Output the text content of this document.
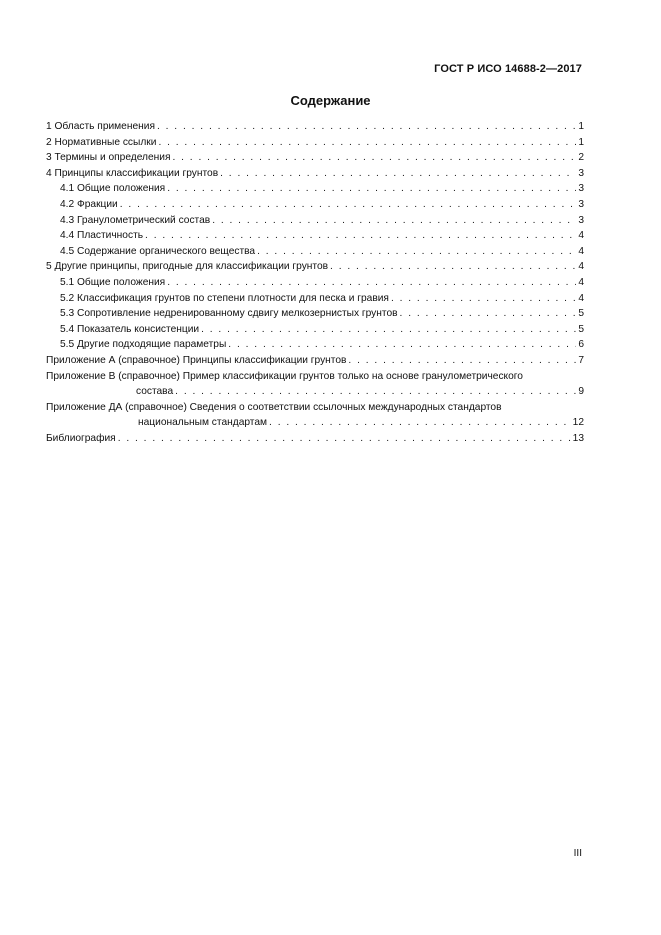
ГОСТ Р ИСО 14688-2—2017
Содержание
1 Область применения . . .	1
2 Нормативные ссылки . . .	1
3 Термины и определения . . .	2
4 Принципы классификации грунтов . . .	3
4.1 Общие положения . . .	3
4.2 Фракции . . .	3
4.3 Гранулометрический состав . . .	3
4.4 Пластичность . . .	4
4.5 Содержание органического вещества . . .	4
5 Другие принципы, пригодные для классификации грунтов . . .	4
5.1 Общие положения . . .	4
5.2 Классификация грунтов по степени плотности для песка и гравия . . .	4
5.3 Сопротивление недренированному сдвигу мелкозернистых грунтов . . .	5
5.4 Показатель консистенции . . .	5
5.5 Другие подходящие параметры . . .	6
Приложение А (справочное) Принципы классификации грунтов . . .	7
Приложение В (справочное) Пример классификации грунтов только на основе гранулометрического
состава . . .	9
Приложение ДА (справочное) Сведения о соответствии ссылочных международных стандартов
национальным стандартам . . .	12
Библиография . . .	13
III
